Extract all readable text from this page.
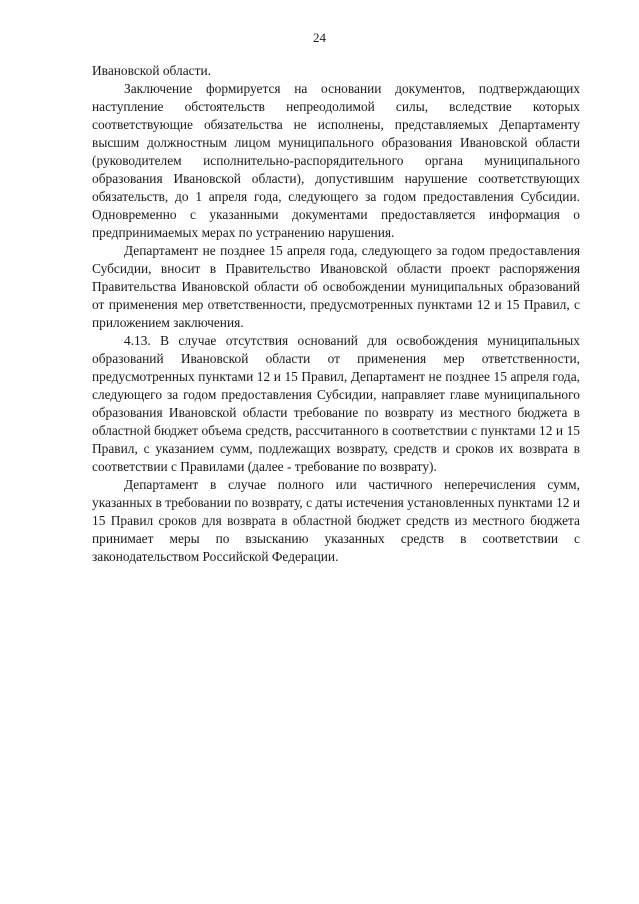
24

Ивановской области.

Заключение формируется на основании документов, подтверждающих наступление обстоятельств непреодолимой силы, вследствие которых соответствующие обязательства не исполнены, представляемых Департаменту высшим должностным лицом муниципального образования Ивановской области (руководителем исполнительно-распорядительного органа муниципального образования Ивановской области), допустившим нарушение соответствующих обязательств, до 1 апреля года, следующего за годом предоставления Субсидии. Одновременно с указанными документами предоставляется информация о предпринимаемых мерах по устранению нарушения.

Департамент не позднее 15 апреля года, следующего за годом предоставления Субсидии, вносит в Правительство Ивановской области проект распоряжения Правительства Ивановской области об освобождении муниципальных образований от применения мер ответственности, предусмотренных пунктами 12 и 15 Правил, с приложением заключения.

4.13. В случае отсутствия оснований для освобождения муниципальных образований Ивановской области от применения мер ответственности, предусмотренных пунктами 12 и 15 Правил, Департамент не позднее 15 апреля года, следующего за годом предоставления Субсидии, направляет главе муниципального образования Ивановской области требование по возврату из местного бюджета в областной бюджет объема средств, рассчитанного в соответствии с пунктами 12 и 15 Правил, с указанием сумм, подлежащих возврату, средств и сроков их возврата в соответствии с Правилами (далее - требование по возврату).

Департамент в случае полного или частичного неперечисления сумм, указанных в требовании по возврату, с даты истечения установленных пунктами 12 и 15 Правил сроков для возврата в областной бюджет средств из местного бюджета принимает меры по взысканию указанных средств в соответствии с законодательством Российской Федерации.
